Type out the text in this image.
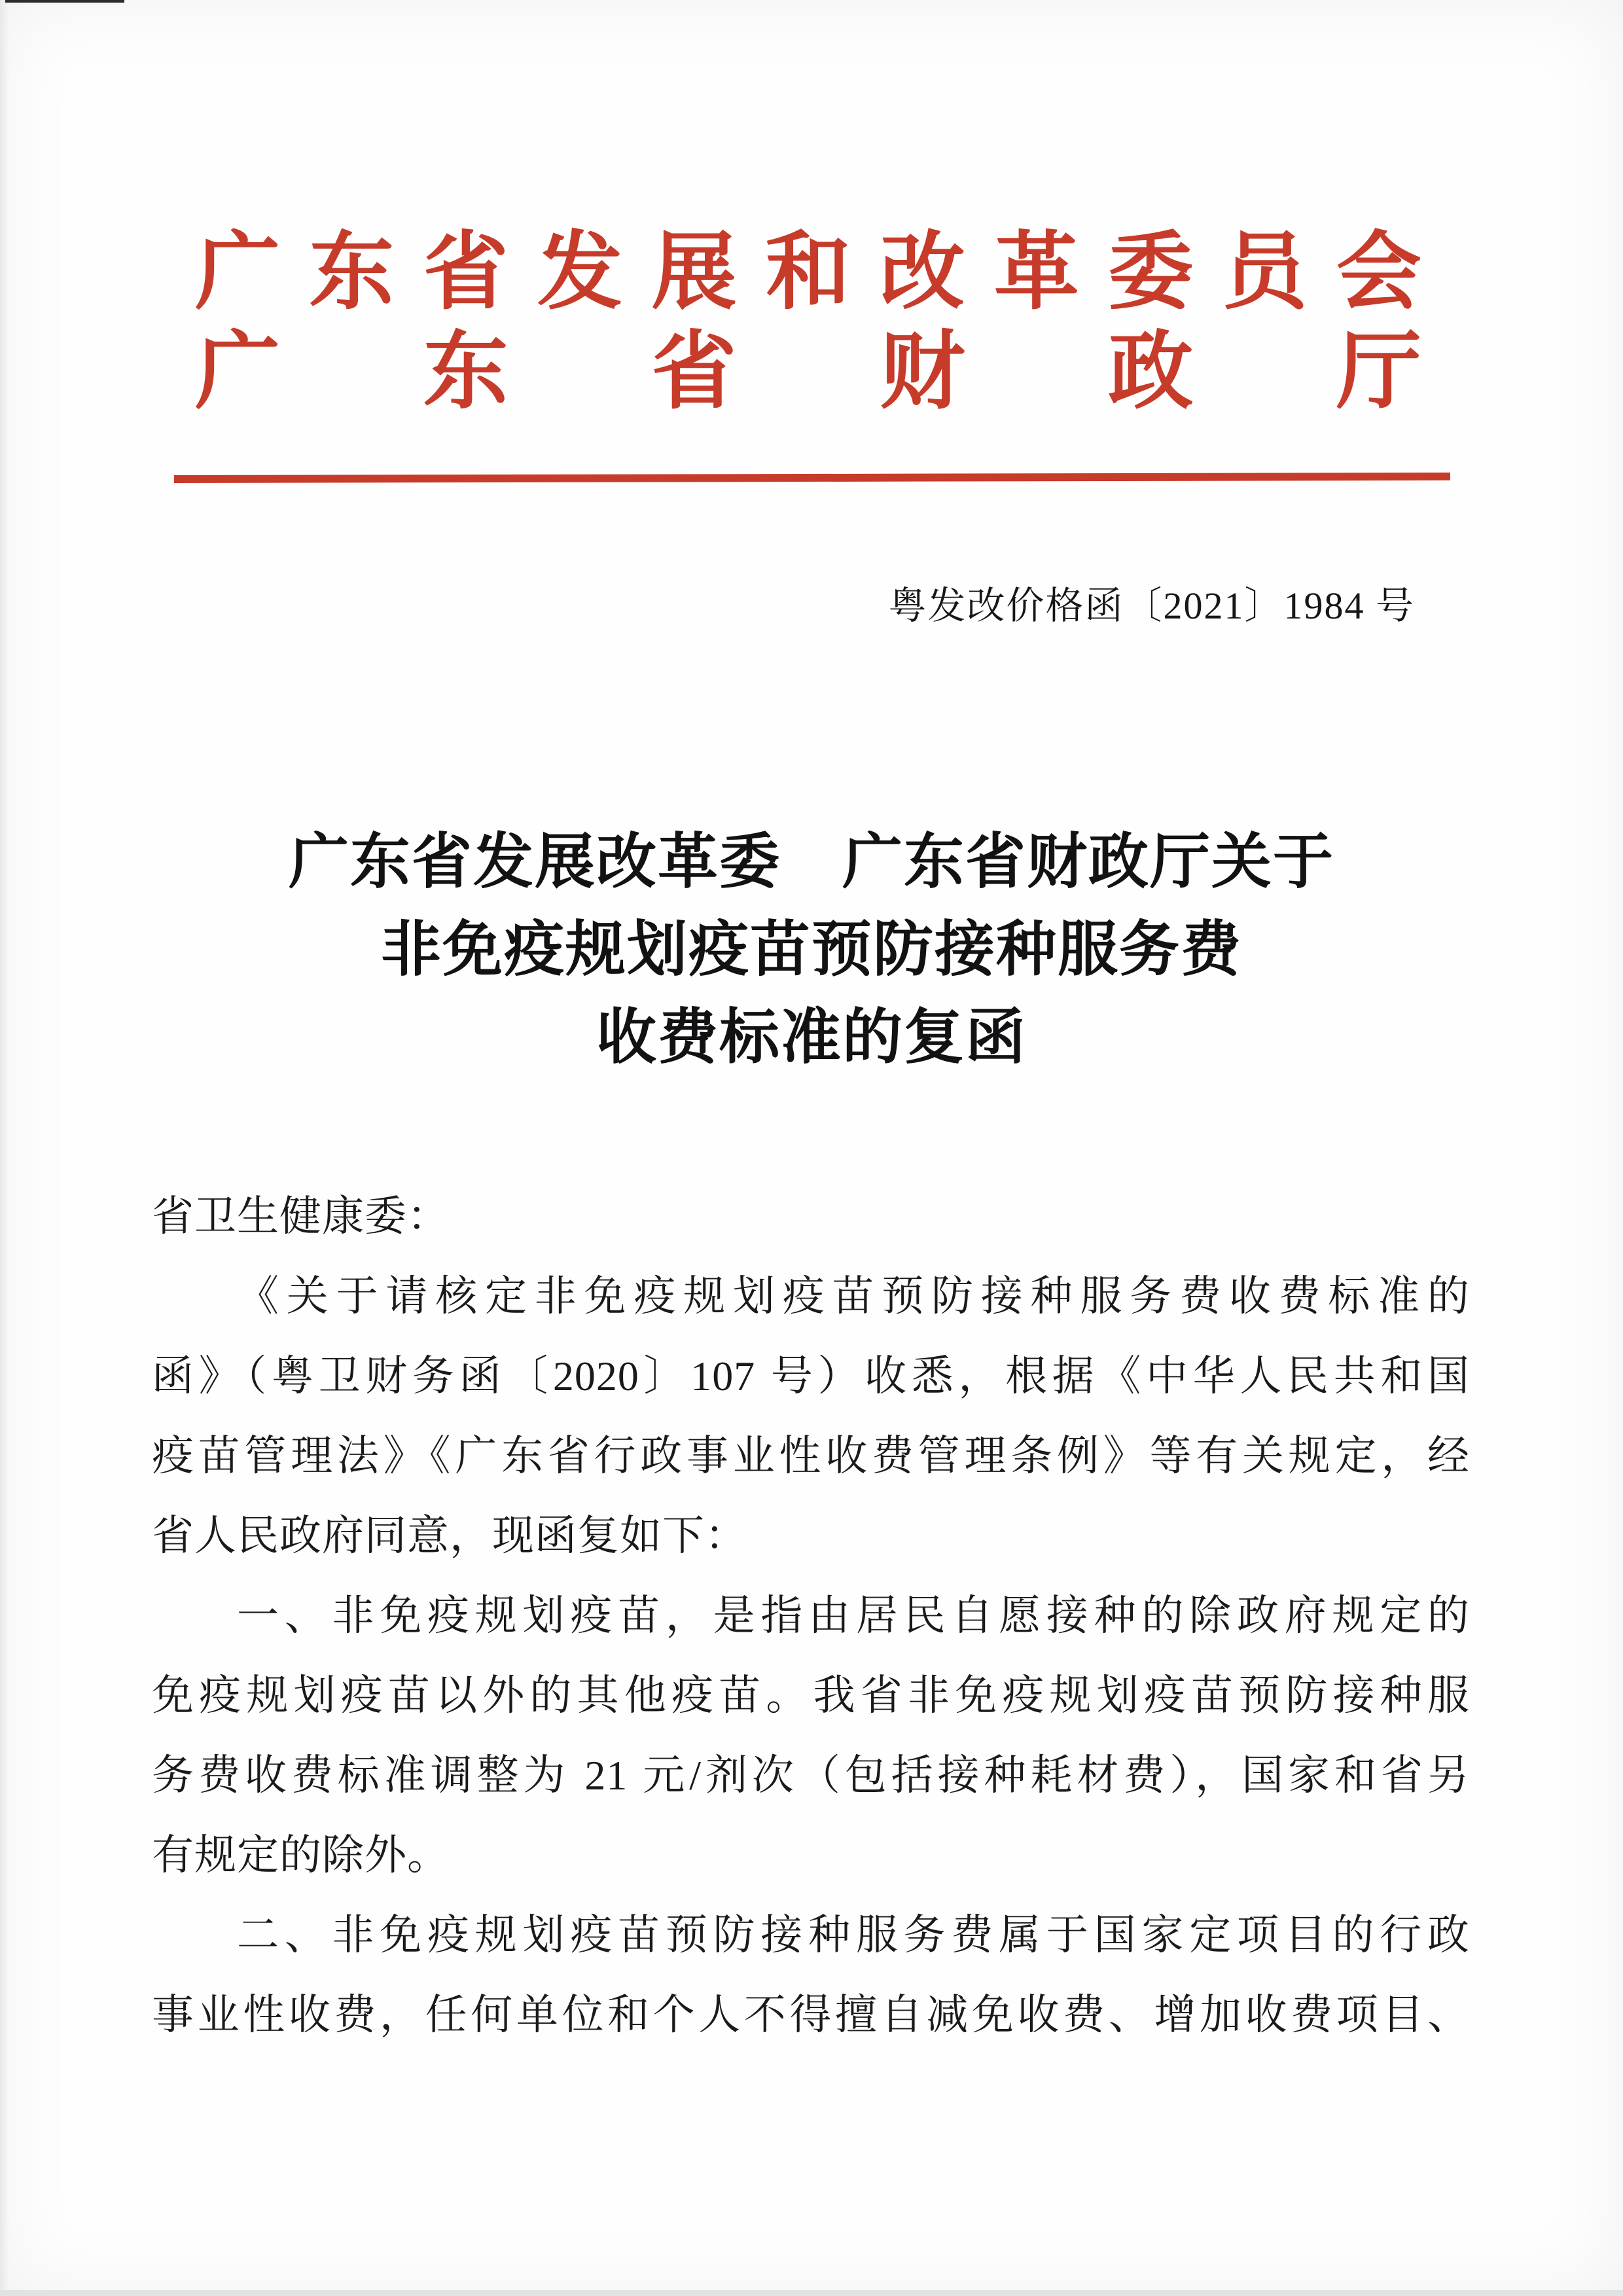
广 东 省 发 展 和 改 革 委 员 会
广 东 省 财 政 厅
粤发改价格函〔2021〕1984 号
广东省发展改革委　广东省财政厅关于
非免疫规划疫苗预防接种服务费
收费标准的复函
省卫生健康委：
《关于请核定非免疫规划疫苗预防接种服务费收费标准的
函》（粤卫财务函〔2020〕107 号）收悉，根据《中华人民共和国
疫苗管理法》《广东省行政事业性收费管理条例》等有关规定，经
省人民政府同意，现函复如下：
一、非免疫规划疫苗，是指由居民自愿接种的除政府规定的
免疫规划疫苗以外的其他疫苗。我省非免疫规划疫苗预防接种服
务费收费标准调整为 21 元/剂次（包括接种耗材费），国家和省另
有规定的除外。
二、非免疫规划疫苗预防接种服务费属于国家定项目的行政
事业性收费，任何单位和个人不得擅自减免收费、增加收费项目、
